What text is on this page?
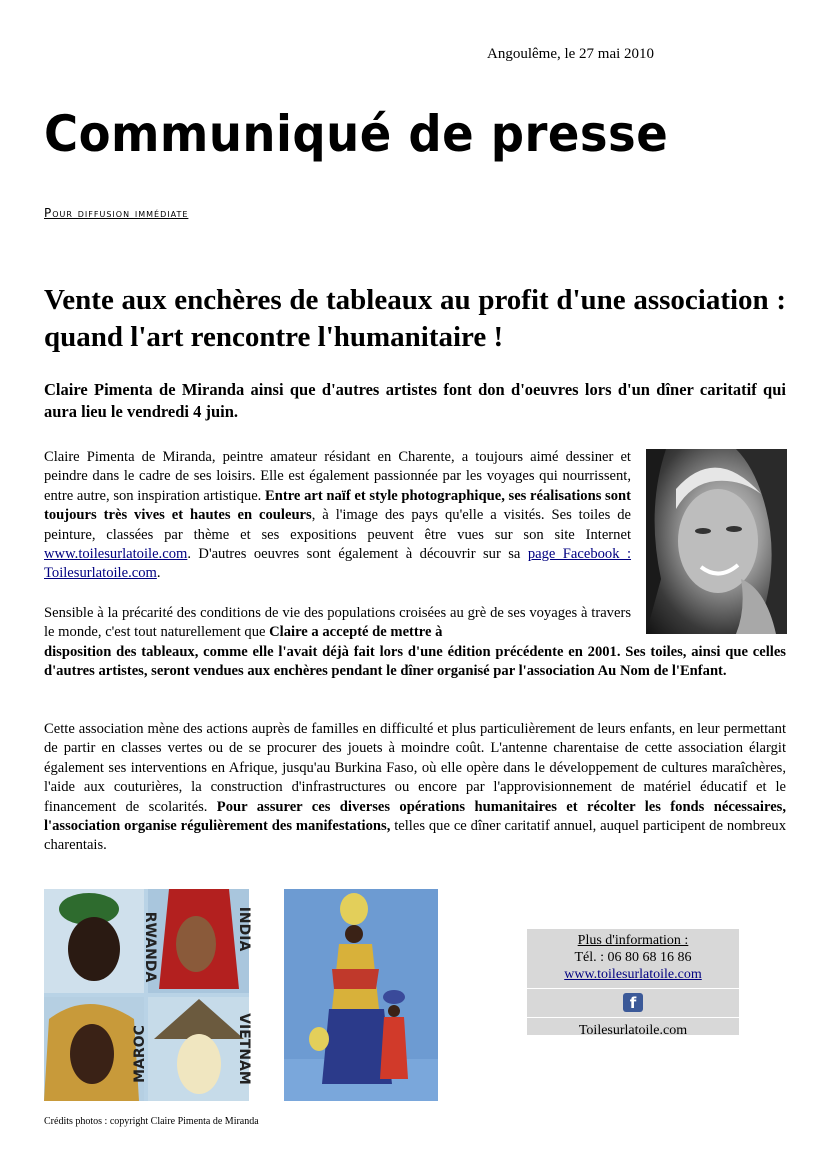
Angoulême, le 27 mai 2010
Communiqué de presse
Pour diffusion immédiate
Vente aux enchères de tableaux au profit d'une association : quand l'art rencontre l'humanitaire !
Claire Pimenta de Miranda ainsi que d'autres artistes font don d'oeuvres lors d'un dîner caritatif qui aura lieu le vendredi 4 juin.
Claire Pimenta de Miranda, peintre amateur résidant en Charente, a toujours aimé dessiner et peindre dans le cadre de ses loisirs. Elle est également passionnée par les voyages qui nourrissent, entre autre, son inspiration artistique. Entre art naïf et style photographique, ses réalisations sont toujours très vives et hautes en couleurs, à l'image des pays qu'elle a visités. Ses toiles de peinture, classées par thème et ses expositions peuvent être vues sur son site Internet www.toilesurlatoile.com. D'autres oeuvres sont également à découvrir sur sa page Facebook : Toilesurlatoile.com.
Sensible à la précarité des conditions de vie des populations croisées au grè de ses voyages à travers le monde, c'est tout naturellement que Claire a accepté de mettre à
disposition des tableaux, comme elle l'avait déjà fait lors d'une édition précédente en 2001. Ses toiles, ainsi que celles d'autres artistes, seront vendues aux enchères pendant le dîner organisé par l'association Au Nom de l'Enfant.
Cette association mène des actions auprès de familles en difficulté et plus particulièrement de leurs enfants, en leur permettant de partir en classes vertes ou de se procurer des jouets à moindre coût. L'antenne charentaise de cette association élargit également ses interventions en Afrique, jusqu'au Burkina Faso, où elle opère dans le développement de cultures maraîchères, l'aide aux couturières, la construction d'infrastructures ou encore par l'approvisionnement de matériel éducatif et le financement de scolarités. Pour assurer ces diverses opérations humanitaires et récolter les fonds nécessaires, l'association organise régulièrement des manifestations, telles que ce dîner caritatif annuel, auquel participent de nombreux charentais.
RWANDA	INDIA
MAROC	VIETNAM
Crédits photos : copyright Claire Pimenta de Miranda
Plus d'information :
Tél. : 06 80 68 16 86
www.toilesurlatoile.com
f
Toilesurlatoile.com
